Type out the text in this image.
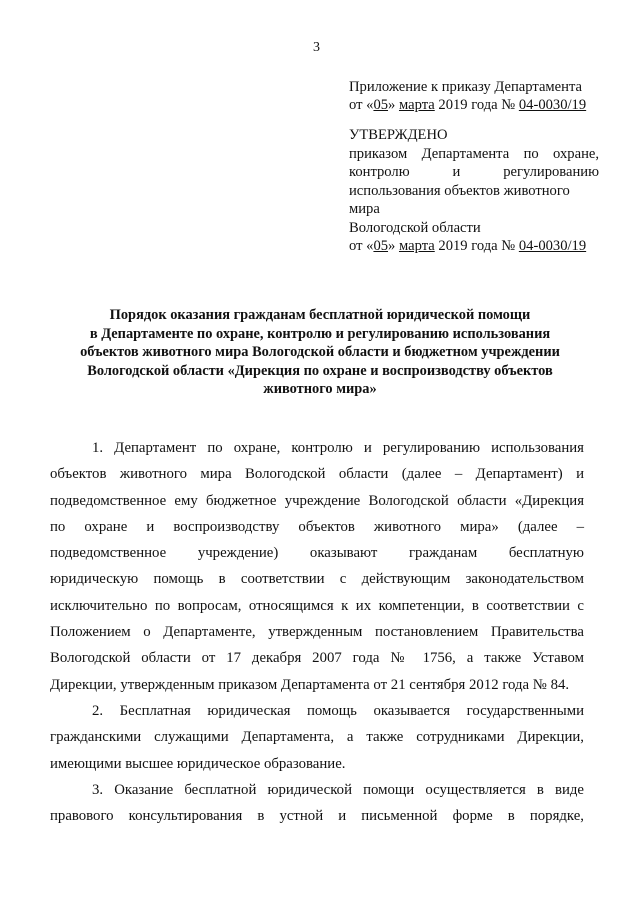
3
Приложение к приказу Департамента
от «05» марта 2019 года № 04-0030/19
УТВЕРЖДЕНО
приказом Департамента по охране,
контролю и регулированию
использования объектов животного мира
Вологодской области
от «05» марта 2019 года № 04-0030/19
Порядок оказания гражданам бесплатной юридической помощи
в Департаменте по охране, контролю и регулированию использования
объектов животного мира Вологодской области и бюджетном учреждении
Вологодской области «Дирекция по охране и воспроизводству объектов
животного мира»
1. Департамент по охране, контролю и регулированию использования
объектов животного мира Вологодской области (далее – Департамент) и
подведомственное ему бюджетное учреждение Вологодской области «Дирекция
по охране и воспроизводству объектов животного мира» (далее –
подведомственное учреждение) оказывают гражданам бесплатную
юридическую помощь в соответствии с действующим законодательством
исключительно по вопросам, относящимся к их компетенции, в соответствии с
Положением о Департаменте, утвержденным постановлением Правительства
Вологодской области от 17 декабря 2007 года № 1756, а также Уставом
Дирекции, утвержденным приказом Департамента от 21 сентября 2012 года № 84.
2. Бесплатная юридическая помощь оказывается государственными
гражданскими служащими Департамента, а также сотрудниками Дирекции,
имеющими высшее юридическое образование.
3. Оказание бесплатной юридической помощи осуществляется в виде
правового консультирования в устной и письменной форме в порядке,
